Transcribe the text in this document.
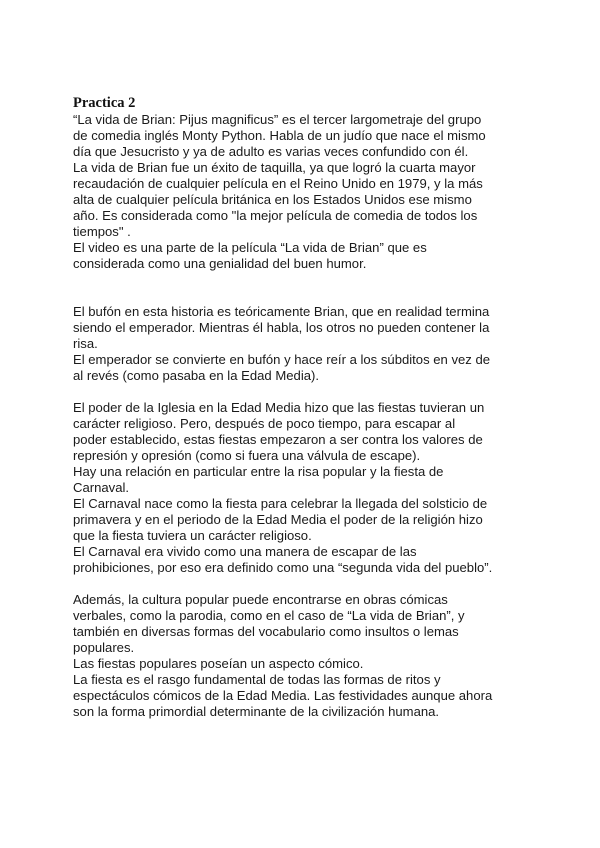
Practica 2

“La vida de Brian: Pijus magnificus” es el tercer largometraje del grupo
de comedia inglés Monty Python. Habla de un judío que nace el mismo
día que Jesucristo y ya de adulto es varias veces confundido con él.

La vida de Brian fue un éxito de taquilla, ya que logró la cuarta mayor
recaudación de cualquier película en el Reino Unido en 1979, y la más
alta de cualquier película británica en los Estados Unidos ese mismo
año. Es considerada como "la mejor película de comedia de todos los
tiempos" .

El video es una parte de la película “La vida de Brian” que es
considerada como una genialidad del buen humor.

El bufón en esta historia es teóricamente Brian, que en realidad termina
siendo el emperador. Mientras él habla, los otros no pueden contener la
risa.

El emperador se convierte en bufón y hace reír a los súbditos en vez de
al revés (como pasaba en la Edad Media).

El poder de la Iglesia en la Edad Media hizo que las fiestas tuvieran un
carácter religioso. Pero, después de poco tiempo, para escapar al
poder establecido, estas fiestas empezaron a ser contra los valores de
represión y opresión (como si fuera una válvula de escape).

Hay una relación en particular entre la risa popular y la fiesta de
Carnaval.

El Carnaval nace como la fiesta para celebrar la llegada del solsticio de
primavera y en el periodo de la Edad Media el poder de la religión hizo
que la fiesta tuviera un carácter religioso.

El Carnaval era vivido como una manera de escapar de las
prohibiciones, por eso era definido como una “segunda vida del pueblo”.

Además, la cultura popular puede encontrarse en obras cómicas
verbales, como la parodia, como en el caso de “La vida de Brian”, y
también en diversas formas del vocabulario como insultos o lemas
populares.

Las fiestas populares poseían un aspecto cómico.

La fiesta es el rasgo fundamental de todas las formas de ritos y
espectáculos cómicos de la Edad Media. Las festividades aunque ahora
son la forma primordial determinante de la civilización humana.
